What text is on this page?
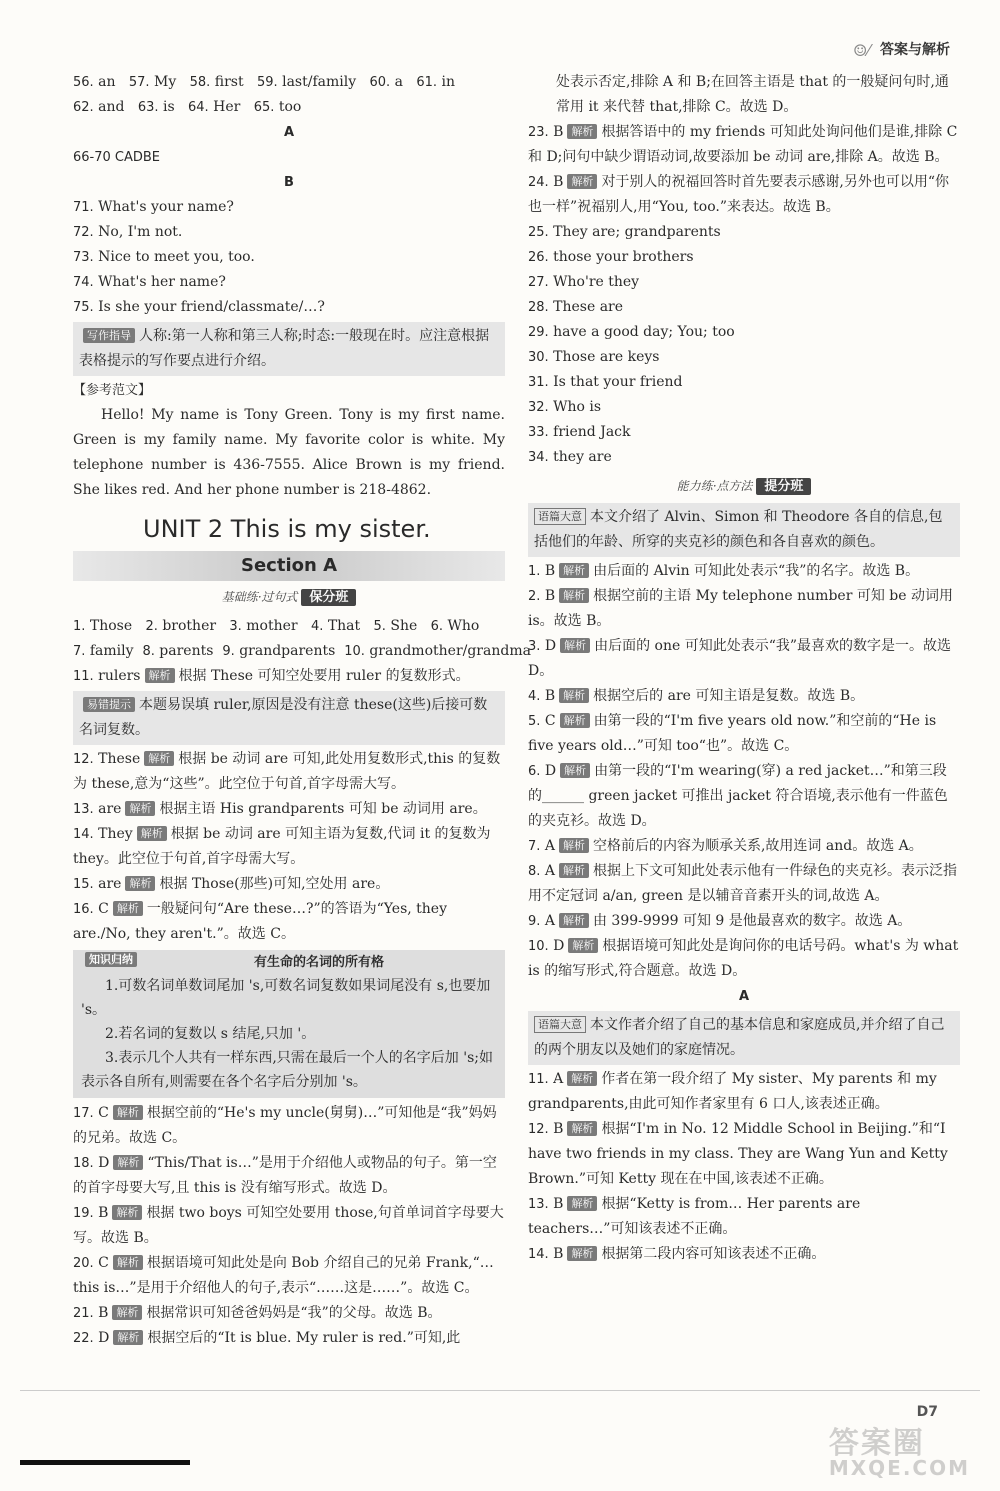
☺⁄ 答案与解析
56. an 57. My 58. first 59. last/family 60. a 61. in
62. and 63. is 64. Her 65. too
A
66-70 CADBE
B
71. What's your name?
72. No, I'm not.
73. Nice to meet you, too.
74. What's her name?
75. Is she your friend/classmate/…?
写作指导 人称:第一人称和第三人称;时态:一般现在时。应注意根据表格提示的写作要点进行介绍。
【参考范文】

Hello! My name is Tony Green. Tony is my first name. Green is my family name. My favorite color is white. My telephone number is 436-7555. Alice Brown is my friend. She likes red. And her phone number is 218-4862.

UNIT 2 This is my sister.
Section A
基础练·过句式 保分班
1. Those 2. brother 3. mother 4. That 5. She 6. Who
7. family 8. parents 9. grandparents 10. grandmother/grandma
11. rulers 解析 根据 These 可知空处要用 ruler 的复数形式。
易错提示 本题易误填 ruler,原因是没有注意 these(这些)后接可数名词复数。
12. These 解析 根据 be 动词 are 可知,此处用复数形式,this 的复数为 these,意为“这些”。此空位于句首,首字母需大写。
13. are 解析 根据主语 His grandparents 可知 be 动词用 are。
14. They 解析 根据 be 动词 are 可知主语为复数,代词 it 的复数为 they。此空位于句首,首字母需大写。
15. are 解析 根据 Those(那些)可知,空处用 are。
16. C 解析 一般疑问句“Are these…?”的答语为“Yes, they are./No, they aren't.”。故选 C。
知识归纳	有生命的名词的所有格

1.可数名词单数词尾加 's,可数名词复数如果词尾没有 s,也要加 's。

2.若名词的复数以 s 结尾,只加 '。

3.表示几个人共有一样东西,只需在最后一个人的名字后加 's;如表示各自所有,则需要在各个名字后分别加 's。

17. C 解析 根据空前的“He's my uncle(舅舅)…”可知他是“我”妈妈的兄弟。故选 C。
18. D 解析 “This/That is…”是用于介绍他人或物品的句子。第一空的首字母要大写,且 this is 没有缩写形式。故选 D。
19. B 解析 根据 two boys 可知空处要用 those,句首单词首字母要大写。故选 B。
20. C 解析 根据语境可知此处是向 Bob 介绍自己的兄弟 Frank,“…this is…”是用于介绍他人的句子,表示“……这是……”。故选 C。
21. B 解析 根据常识可知爸爸妈妈是“我”的父母。故选 B。
22. D 解析 根据空后的“It is blue. My ruler is red.”可知,此
处表示否定,排除 A 和 B;在回答主语是 that 的一般疑问句时,通常用 it 来代替 that,排除 C。故选 D。
23. B 解析 根据答语中的 my friends 可知此处询问他们是谁,排除 C 和 D;问句中缺少谓语动词,故要添加 be 动词 are,排除 A。故选 B。
24. B 解析 对于别人的祝福回答时首先要表示感谢,另外也可以用“你也一样”祝福别人,用“You, too.”来表达。故选 B。
25. They are; grandparents
26. those your brothers
27. Who're they
28. These are
29. have a good day; You; too
30. Those are keys
31. Is that your friend
32. Who is
33. friend Jack
34. they are
能力练·点方法 提分班
语篇大意 本文介绍了 Alvin、Simon 和 Theodore 各自的信息,包括他们的年龄、所穿的夹克衫的颜色和各自喜欢的颜色。
1. B 解析 由后面的 Alvin 可知此处表示“我”的名字。故选 B。
2. B 解析 根据空前的主语 My telephone number 可知 be 动词用 is。故选 B。
3. D 解析 由后面的 one 可知此处表示“我”最喜欢的数字是一。故选 D。
4. B 解析 根据空后的 are 可知主语是复数。故选 B。
5. C 解析 由第一段的“I'm five years old now.”和空前的“He is five years old…”可知 too“也”。故选 C。
6. D 解析 由第一段的“I'm wearing(穿) a red jacket…”和第三段的______ green jacket 可推出 jacket 符合语境,表示他有一件蓝色的夹克衫。故选 D。
7. A 解析 空格前后的内容为顺承关系,故用连词 and。故选 A。
8. A 解析 根据上下文可知此处表示他有一件绿色的夹克衫。表示泛指用不定冠词 a/an, green 是以辅音音素开头的词,故选 A。
9. A 解析 由 399-9999 可知 9 是他最喜欢的数字。故选 A。
10. D 解析 根据语境可知此处是询问你的电话号码。what's 为 what is 的缩写形式,符合题意。故选 D。
A
语篇大意 本文作者介绍了自己的基本信息和家庭成员,并介绍了自己的两个朋友以及她们的家庭情况。
11. A 解析 作者在第一段介绍了 My sister、My parents 和 my grandparents,由此可知作者家里有 6 口人,该表述正确。
12. B 解析 根据“I'm in No. 12 Middle School in Beijing.”和“I have two friends in my class. They are Wang Yun and Ketty Brown.”可知 Ketty 现在在中国,该表述不正确。
13. B 解析 根据“Ketty is from… Her parents are teachers…”可知该表述不正确。
14. B 解析 根据第二段内容可知该表述不正确。
D7
答案圈
MXQE.COM
